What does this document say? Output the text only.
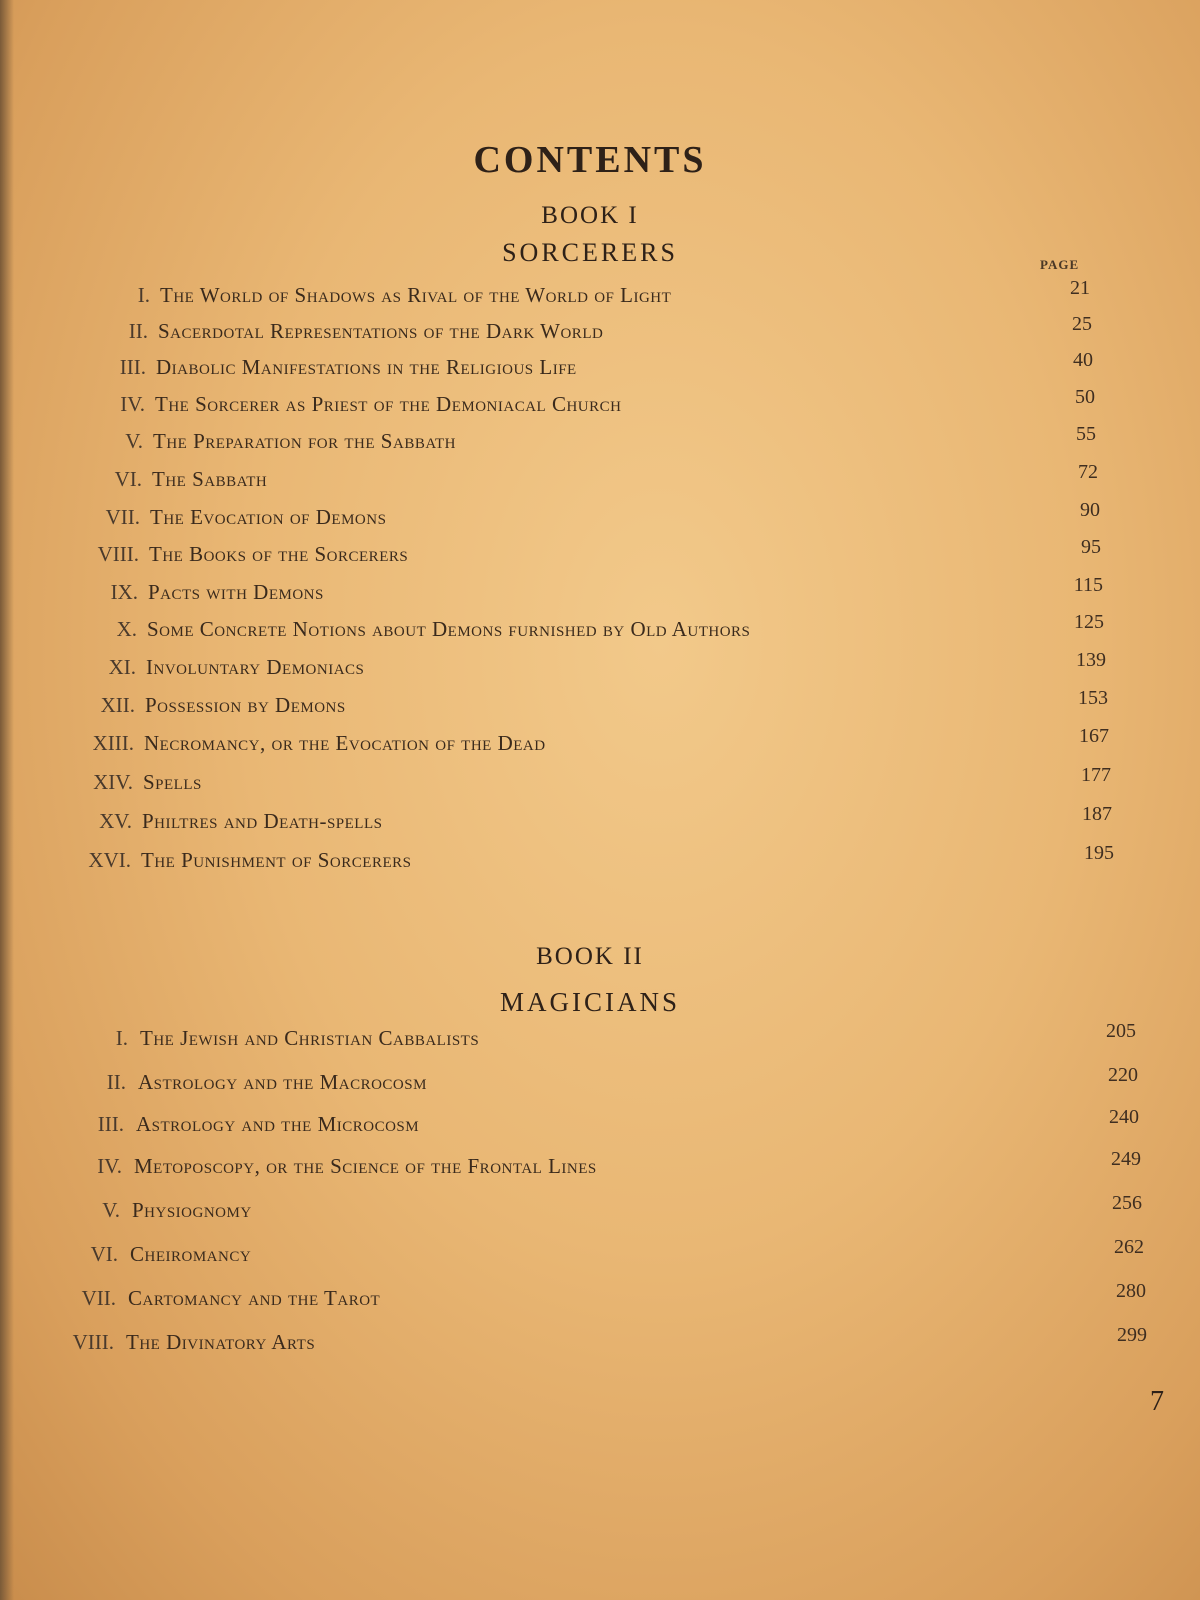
CONTENTS
BOOK I
SORCERERS	PAGE
I. The World of Shadows as Rival of the World of Light	21
II. Sacerdotal Representations of the Dark World	25
III. Diabolic Manifestations in the Religious Life	40
IV. The Sorcerer as Priest of the Demoniacal Church	50
V. The Preparation for the Sabbath	55
VI. The Sabbath	72
VII. The Evocation of Demons	90
VIII. The Books of the Sorcerers	95
IX. Pacts with Demons	115
X. Some Concrete Notions about Demons furnished by Old Authors	125
XI. Involuntary Demoniacs	139
XII. Possession by Demons	153
XIII. Necromancy, or the Evocation of the Dead	167
XIV. Spells	177
XV. Philtres and Death-spells	187
XVI. The Punishment of Sorcerers	195
BOOK II
MAGICIANS
I. The Jewish and Christian Cabbalists	205
II. Astrology and the Macrocosm	220
III. Astrology and the Microcosm	240
IV. Metoposcopy, or the Science of the Frontal Lines	249
V. Physiognomy	256
VI. Cheiromancy	262
VII. Cartomancy and the Tarot	280
VIII. The Divinatory Arts	299
7
